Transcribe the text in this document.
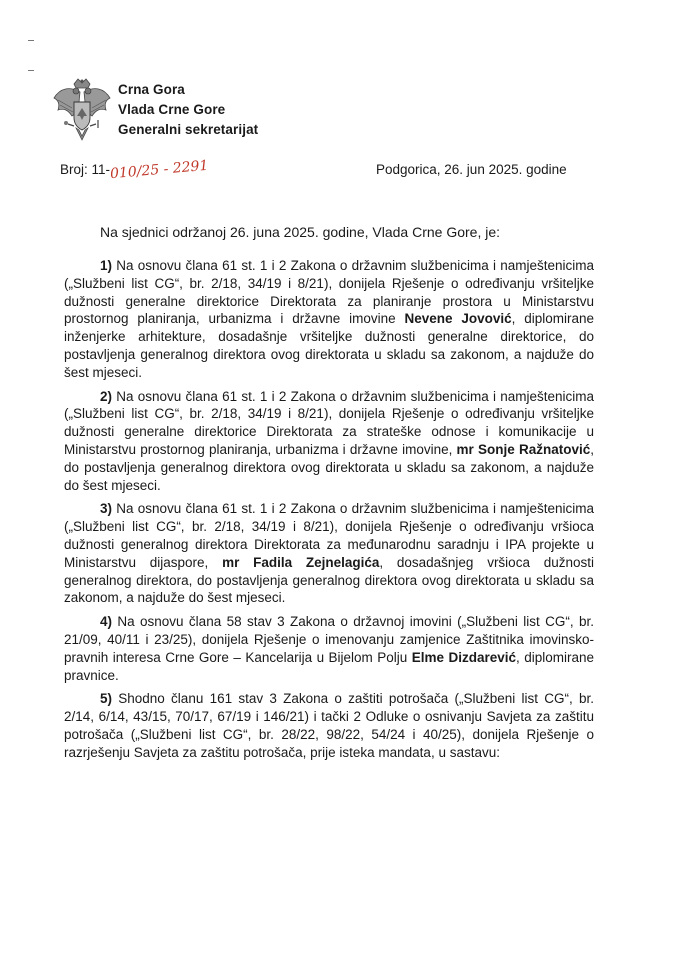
Crna Gora
Vlada Crne Gore
Generalni sekretarijat
Broj: 11- 010/25 - 2291	Podgorica, 26. jun 2025. godine
Na sjednici održanoj 26. juna 2025. godine, Vlada Crne Gore, je:

1) Na osnovu člana 61 st. 1 i 2 Zakona o državnim službenicima i namještenicima („Službeni list CG“, br. 2/18, 34/19 i 8/21), donijela Rješenje o određivanju vršiteljke dužnosti generalne direktorice Direktorata za planiranje prostora u Ministarstvu prostornog planiranja, urbanizma i državne imovine Nevene Jovović, diplomirane inženjerke arhitekture, dosadašnje vršiteljke dužnosti generalne direktorice, do postavljenja generalnog direktora ovog direktorata u skladu sa zakonom, a najduže do šest mjeseci.

2) Na osnovu člana 61 st. 1 i 2 Zakona o državnim službenicima i namještenicima („Službeni list CG“, br. 2/18, 34/19 i 8/21), donijela Rješenje o određivanju vršiteljke dužnosti generalne direktorice Direktorata za strateške odnose i komunikacije u Ministarstvu prostornog planiranja, urbanizma i državne imovine, mr Sonje Ražnatović, do postavljenja generalnog direktora ovog direktorata u skladu sa zakonom, a najduže do šest mjeseci.

3) Na osnovu člana 61 st. 1 i 2 Zakona o državnim službenicima i namještenicima („Službeni list CG“, br. 2/18, 34/19 i 8/21), donijela Rješenje o određivanju vršioca dužnosti generalnog direktora Direktorata za međunarodnu saradnju i IPA projekte u Ministarstvu dijaspore, mr Fadila Zejnelagića, dosadašnjeg vršioca dužnosti generalnog direktora, do postavljenja generalnog direktora ovog direktorata u skladu sa zakonom, a najduže do šest mjeseci.

4) Na osnovu člana 58 stav 3 Zakona o državnoj imovini („Službeni list CG“, br. 21/09, 40/11 i 23/25), donijela Rješenje o imenovanju zamjenice Zaštitnika imovinsko-pravnih interesa Crne Gore – Kancelarija u Bijelom Polju Elme Dizdarević, diplomirane pravnice.

5) Shodno članu 161 stav 3 Zakona o zaštiti potrošača („Službeni list CG“, br. 2/14, 6/14, 43/15, 70/17, 67/19 i 146/21) i tački 2 Odluke o osnivanju Savjeta za zaštitu potrošača („Službeni list CG“, br. 28/22, 98/22, 54/24 i 40/25), donijela Rješenje o razrješenju Savjeta za zaštitu potrošača, prije isteka mandata, u sastavu:
